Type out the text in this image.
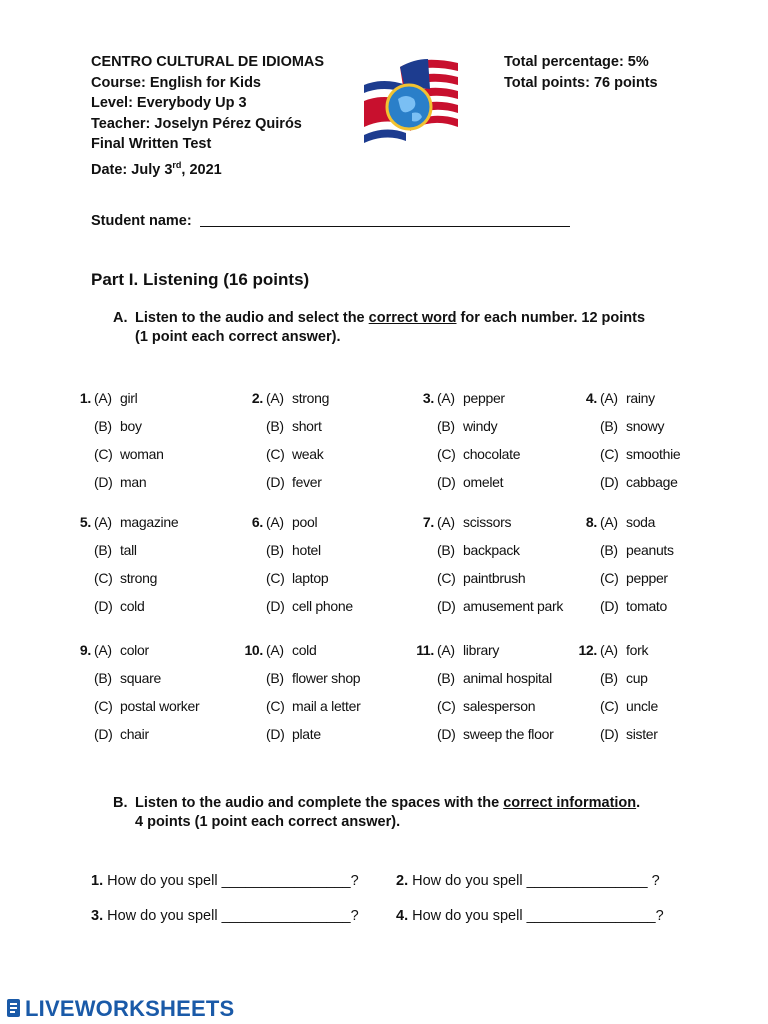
CENTRO CULTURAL DE IDIOMAS
Course: English for Kids
Level: Everybody Up 3
Teacher: Joselyn Pérez Quirós
Final Written Test
Date: July 3rd, 2021
Total percentage: 5%
Total points: 76 points
Student name:
Part I. Listening (16 points)
A. Listen to the audio and select the correct word for each number. 12 points
(1 point each correct answer).
1. (A) girl
(B) boy
(C) woman
(D) man
2. (A) strong
(B) short
(C) weak
(D) fever
3. (A) pepper
(B) windy
(C) chocolate
(D) omelet
4. (A) rainy
(B) snowy
(C) smoothie
(D) cabbage
5. (A) magazine
(B) tall
(C) strong
(D) cold
6. (A) pool
(B) hotel
(C) laptop
(D) cell phone
7. (A) scissors
(B) backpack
(C) paintbrush
(D) amusement park
8. (A) soda
(B) peanuts
(C) pepper
(D) tomato
9. (A) color
(B) square
(C) postal worker
(D) chair
10. (A) cold
(B) flower shop
(C) mail a letter
(D) plate
11. (A) library
(B) animal hospital
(C) salesperson
(D) sweep the floor
12. (A) fork
(B) cup
(C) uncle
(D) sister
B. Listen to the audio and complete the spaces with the correct information.
4 points (1 point each correct answer).
1. How do you spell ________________?	2. How do you spell _______________ ?
3. How do you spell ________________?	4. How do you spell ________________?
LIVEWORKSHEETS
